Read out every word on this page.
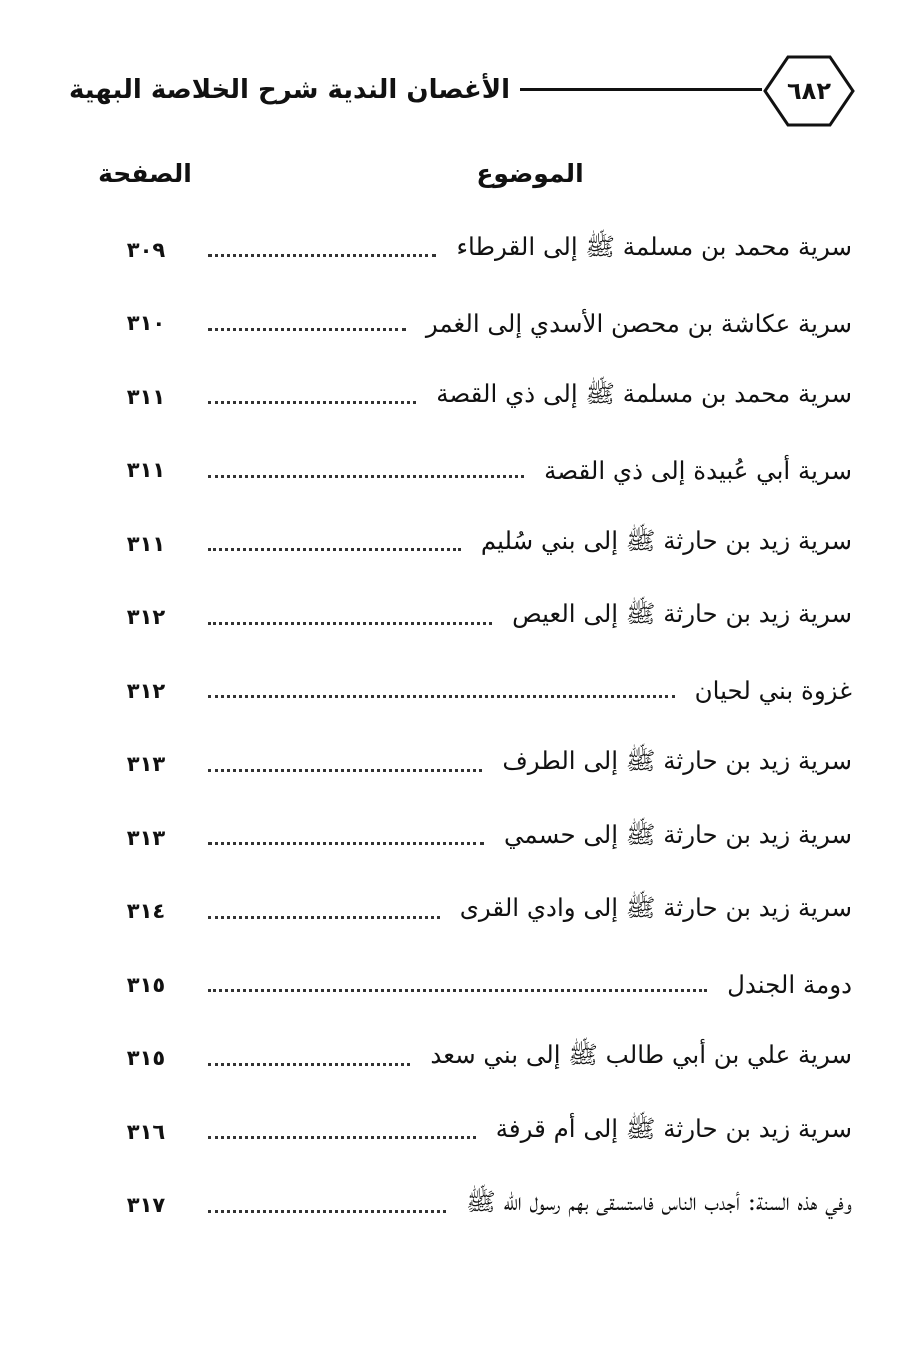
الأغصان الندية شرح الخلاصة البهية	٦٨٢
الموضوع
الصفحة
سرية محمد بن مسلمة ﷺ إلى القرطاء
٣٠٩
سرية عكاشة بن محصن الأسدي إلى الغمر
٣١٠
سرية محمد بن مسلمة ﷺ إلى ذي القصة
٣١١
سرية أبي عُبيدة إلى ذي القصة
٣١١
سرية زيد بن حارثة ﷺ إلى بني سُليم
٣١١
سرية زيد بن حارثة ﷺ إلى العيص
٣١٢
غزوة بني لحيان
٣١٢
سرية زيد بن حارثة ﷺ إلى الطرف
٣١٣
سرية زيد بن حارثة ﷺ إلى حسمي
٣١٣
سرية زيد بن حارثة ﷺ إلى وادي القرى
٣١٤
دومة الجندل
٣١٥
سرية علي بن أبي طالب ﷺ إلى بني سعد
٣١٥
سرية زيد بن حارثة ﷺ إلى أم قرفة
٣١٦
وفي هذه السنة: أجدب الناس فاستسقى بهم رسول الله ﷺ
٣١٧
